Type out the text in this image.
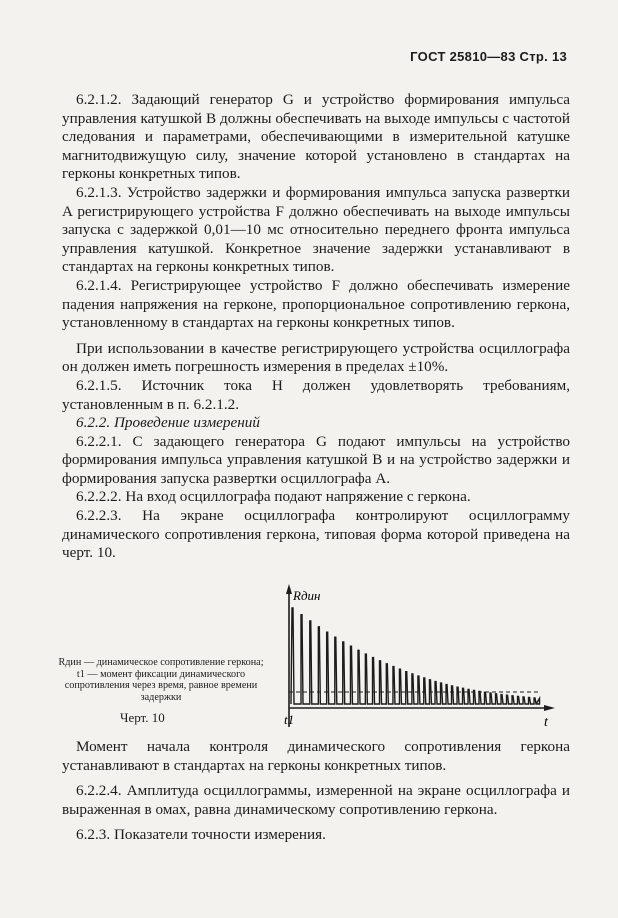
ГОСТ 25810—83 Стр. 13

6.2.1.2. Задающий генератор G и устройство формирования импульса управления катушкой B должны обеспечивать на выходе импульсы с частотой следования и параметрами, обеспечивающими в измерительной катушке магнитодвижущую силу, значение которой установлено в стандартах на герконы конкретных типов.

6.2.1.3. Устройство задержки и формирования импульса запуска развертки A регистрирующего устройства F должно обеспечивать на выходе импульсы запуска с задержкой 0,01—10 мс относительно переднего фронта импульса управления катушкой. Конкретное значение задержки устанавливают в стандартах на герконы конкретных типов.

6.2.1.4. Регистрирующее устройство F должно обеспечивать измерение падения напряжения на герконе, пропорциональное сопротивлению геркона, установленному в стандартах на герконы конкретных типов.

При использовании в качестве регистрирующего устройства осциллографа он должен иметь погрешность измерения в пределах ±10%.

6.2.1.5. Источник тока H должен удовлетворять требованиям, установленным в п. 6.2.1.2.

6.2.2. Проведение измерений

6.2.2.1. С задающего генератора G подают импульсы на устройство формирования импульса управления катушкой B и на устройство задержки и формирования запуска развертки осциллографа A.

6.2.2.2. На вход осциллографа подают напряжение с геркона.

6.2.2.3. На экране осциллографа контролируют осциллограмму динамического сопротивления геркона, типовая форма которой приведена на черт. 10.

Rдин — динамическое сопротивление геркона; t1 — момент фиксации динамического сопротивления через время, равное времени задержки
Черт. 10
Rдин
t
t1

Момент начала контроля динамического сопротивления геркона устанавливают в стандартах на герконы конкретных типов.

6.2.2.4. Амплитуда осциллограммы, измеренной на экране осциллографа и выраженная в омах, равна динамическому сопротивлению геркона.

6.2.3. Показатели точности измерения.
